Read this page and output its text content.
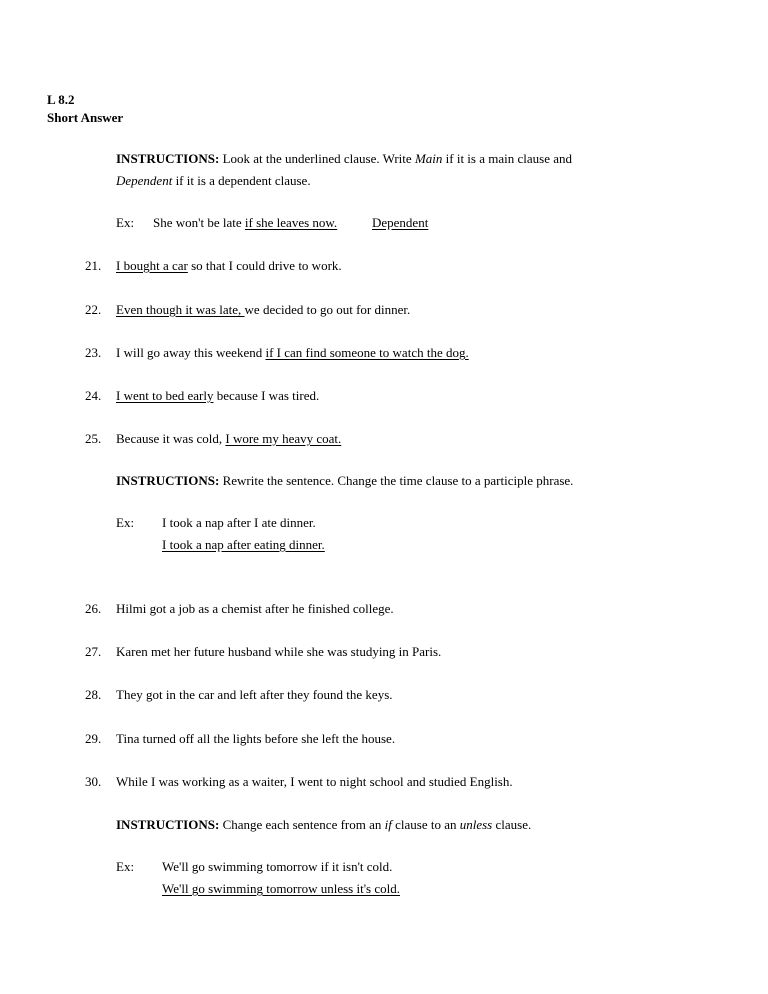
L 8.2
Short Answer
INSTRUCTIONS: Look at the underlined clause. Write Main if it is a main clause and
Dependent if it is a dependent clause.
Ex: She won't be late if she leaves now.	Dependent
21. I bought a car so that I could drive to work.
22. Even though it was late, we decided to go out for dinner.
23. I will go away this weekend if I can find someone to watch the dog.
24. I went to bed early because I was tired.
25. Because it was cold, I wore my heavy coat.
INSTRUCTIONS: Rewrite the sentence. Change the time clause to a participle phrase.
Ex: I took a nap after I ate dinner.
I took a nap after eating dinner.
26. Hilmi got a job as a chemist after he finished college.
27. Karen met her future husband while she was studying in Paris.
28. They got in the car and left after they found the keys.
29. Tina turned off all the lights before she left the house.
30. While I was working as a waiter, I went to night school and studied English.
INSTRUCTIONS: Change each sentence from an if clause to an unless clause.
Ex: We'll go swimming tomorrow if it isn't cold.
We'll go swimming tomorrow unless it's cold.
